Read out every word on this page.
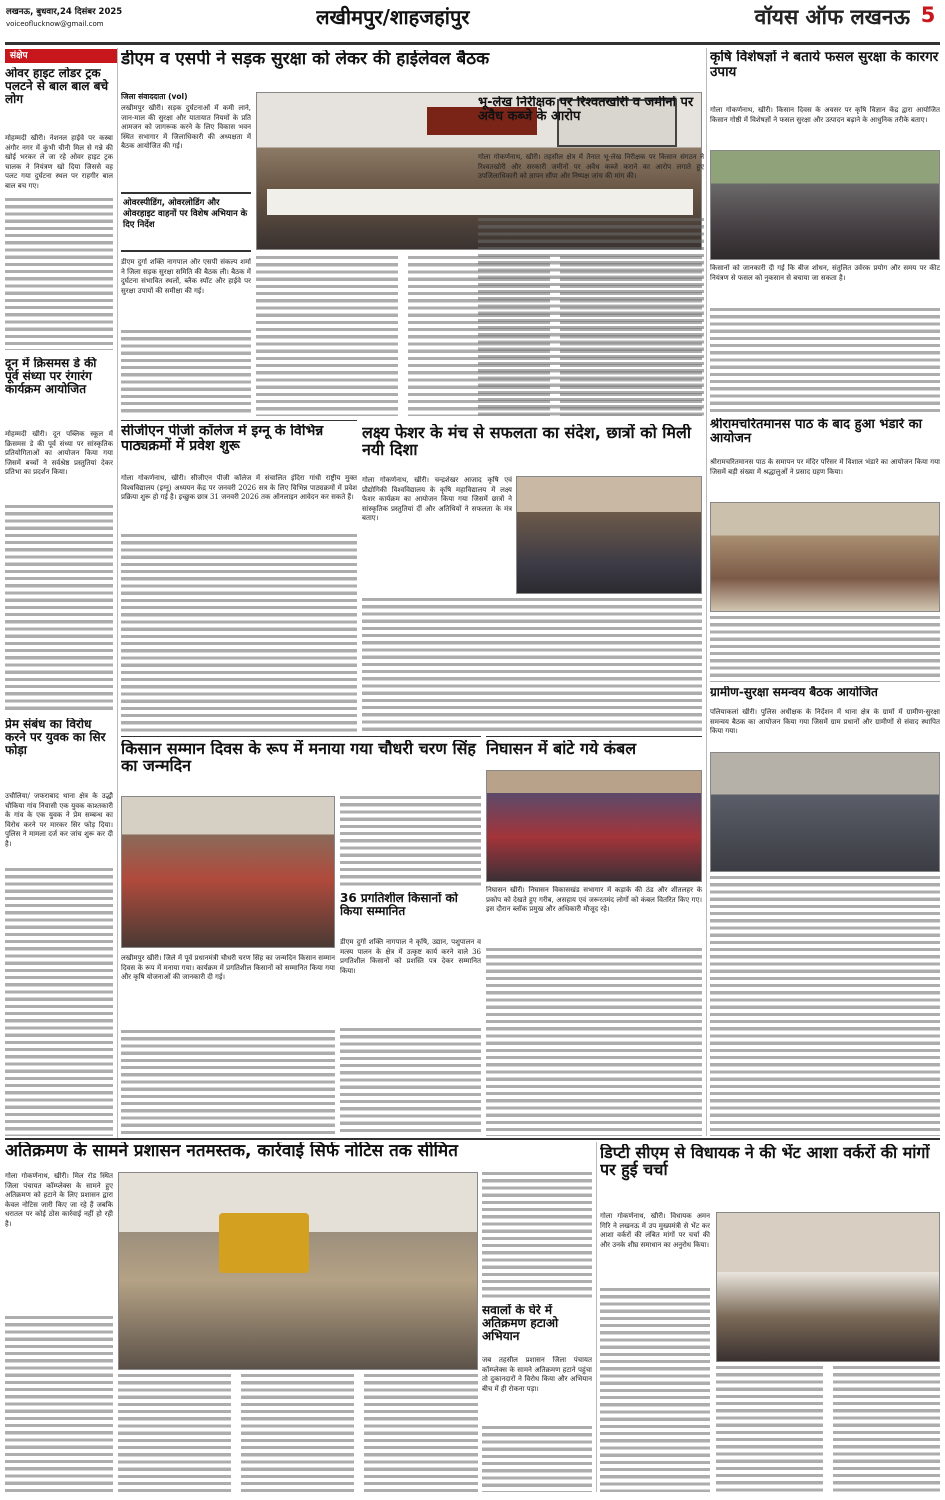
लखनऊ, बुधवार,24 दिसंबर 2025
voiceoflucknow@gmail.com	लखीमपुर/शाहजहांपुर	वॉयस ऑफ लखनऊ 5
संक्षेप
ओवर हाइट लोडर ट्रक पलटने से बाल बाल बचे लोग
मोहम्मदी खीरी। नेशनल हाईवे पर कस्बा अंगौर नगर में कुंभी चीनी मिल से गन्ने की खोई भरकर ले जा रहे ओवर हाइट ट्रक चालक ने नियंत्रण खो दिया जिससे वह पलट गया दुर्घटना स्थल पर राहगीर बाल बाल बच गए।
दून में क्रिसमस डे की पूर्व संध्या पर रंगारंग कार्यक्रम आयोजित
मोहम्मदी खीरी। दून पब्लिक स्कूल में क्रिसमस डे की पूर्व संध्या पर सांस्कृतिक प्रतियोगिताओं का आयोजन किया गया जिसमें बच्चों ने सर्वश्रेष्ठ प्रस्तुतियां देकर प्रतिभा का प्रदर्शन किया।
प्रेम संबंध का विरोध करने पर युवक का सिर फोड़ा
उचौलिया/ जफराबाद थाना क्षेत्र के उद्धौ चौकिया गांव निवासी एक युवक काश्तकारी के गांव के एक युवक ने प्रेम सम्बन्ध का विरोध करने पर मारकर सिर फोड़ दिया। पुलिस ने मामला दर्ज कर जांच शुरू कर दी है।
डीएम व एसपी ने सड़क सुरक्षा को लेकर की हाईलेवल बैठक
जिला संवाददाता (vol)
लखीमपुर खीरी। सड़क दुर्घटनाओं में कमी लाने, जान-माल की सुरक्षा और यातायात नियमों के प्रति आमजन को जागरूक करने के लिए विकास भवन स्थित सभागार में जिलाधिकारी की अध्यक्षता में बैठक आयोजित की गई।
ओवरस्पीडिंग, ओवरलोडिंग और ओवरहाइट वाहनों पर विशेष अभियान के दिए निर्देश
डीएम दुर्गा शक्ति नागपाल और एसपी संकल्प शर्मा ने जिला सड़क सुरक्षा समिति की बैठक ली। बैठक में दुर्घटना संभावित स्थलों, ब्लैक स्पॉट और हाईवे पर सुरक्षा उपायों की समीक्षा की गई।
भू-लेख निरीक्षक पर रिश्वतखोरी व जमीनों पर अवैध कब्जे के आरोप
गोला गोकर्णनाथ, खीरी। तहसील क्षेत्र में तैनात भू-लेख निरीक्षक पर किसान संगठन ने रिश्वतखोरी और सरकारी जमीनों पर अवैध कब्जे कराने का आरोप लगाते हुए उपजिलाधिकारी को ज्ञापन सौंपा और निष्पक्ष जांच की मांग की।
सीजीएन पीजी कॉलेज में इग्नू के विभिन्न पाठ्यक्रमों में प्रवेश शुरू
गोला गोकर्णनाथ, खीरी। सीजीएन पीजी कॉलेज में संचालित इंदिरा गांधी राष्ट्रीय मुक्त विश्वविद्यालय (इग्नू) अध्ययन केंद्र पर जनवरी 2026 सत्र के लिए विभिन्न पाठ्यक्रमों में प्रवेश प्रक्रिया शुरू हो गई है। इच्छुक छात्र 31 जनवरी 2026 तक ऑनलाइन आवेदन कर सकते हैं।
लक्ष्य फेशर के मंच से सफलता का संदेश, छात्रों को मिली नयी दिशा
गोला गोकर्णनाथ, खीरी। चन्द्रशेखर आजाद कृषि एवं प्रौद्योगिकी विश्वविद्यालय के कृषि महाविद्यालय में लक्ष्य फेशर कार्यक्रम का आयोजन किया गया जिसमें छात्रों ने सांस्कृतिक प्रस्तुतियां दीं और अतिथियों ने सफलता के मंत्र बताए।
किसान सम्मान दिवस के रूप में मनाया गया चौधरी चरण सिंह का जन्मदिन
लखीमपुर खीरी। जिले में पूर्व प्रधानमंत्री चौधरी चरण सिंह का जन्मदिन किसान सम्मान दिवस के रूप में मनाया गया। कार्यक्रम में प्रगतिशील किसानों को सम्मानित किया गया और कृषि योजनाओं की जानकारी दी गई।
36 प्रगतिशील किसानों को किया सम्मानित
डीएम दुर्गा शक्ति नागपाल ने कृषि, उद्यान, पशुपालन व मत्स्य पालन के क्षेत्र में उत्कृष्ट कार्य करने वाले 36 प्रगतिशील किसानों को प्रशस्ति पत्र देकर सम्मानित किया।
निघासन में बांटे गये कंबल
निघासन खीरी। निघासन विकासखंड सभागार में कड़ाके की ठंड और शीतलहर के प्रकोप को देखते हुए गरीब, असहाय एवं जरूरतमंद लोगों को कंबल वितरित किए गए। इस दौरान ब्लॉक प्रमुख और अधिकारी मौजूद रहे।
कृषि विशेषज्ञों ने बताये फसल सुरक्षा के कारगर उपाय
गोला गोकर्णनाथ, खीरी। किसान दिवस के अवसर पर कृषि विज्ञान केंद्र द्वारा आयोजित किसान गोष्ठी में विशेषज्ञों ने फसल सुरक्षा और उत्पादन बढ़ाने के आधुनिक तरीके बताए।
किसानों को जानकारी दी गई कि बीज शोधन, संतुलित उर्वरक प्रयोग और समय पर कीट नियंत्रण से फसल को नुकसान से बचाया जा सकता है।
श्रीरामचरितमानस पाठ के बाद हुआ भंडारे का आयोजन
श्रीरामचरितमानस पाठ के समापन पर मंदिर परिसर में विशाल भंडारे का आयोजन किया गया जिसमें बड़ी संख्या में श्रद्धालुओं ने प्रसाद ग्रहण किया।
ग्रामीण-सुरक्षा समन्वय बैठक आयोजित
पलियाकलां खीरी। पुलिस अधीक्षक के निर्देशन में थाना क्षेत्र के ग्रामों में ग्रामीण-सुरक्षा समन्वय बैठक का आयोजन किया गया जिसमें ग्राम प्रधानों और ग्रामीणों से संवाद स्थापित किया गया।
अतिक्रमण के सामने प्रशासन नतमस्तक, कार्रवाई सिर्फ नोटिस तक सीमित
गोला गोकर्णनाथ, खीरी। मिल रोड स्थित जिला पंचायत कॉम्प्लेक्स के सामने हुए अतिक्रमण को हटाने के लिए प्रशासन द्वारा केवल नोटिस जारी किए जा रहे हैं जबकि धरातल पर कोई ठोस कार्रवाई नहीं हो रही है।
सवालों के घेरे में अतिक्रमण हटाओ अभियान
जब तहसील प्रशासन जिला पंचायत कॉम्प्लेक्स के सामने अतिक्रमण हटाने पहुंचा तो दुकानदारों ने विरोध किया और अभियान बीच में ही रोकना पड़ा।
डिप्टी सीएम से विधायक ने की भेंट आशा वर्करों की मांगों पर हुई चर्चा
गोला गोकर्णनाथ, खीरी। विधायक अमन गिरि ने लखनऊ में उप मुख्यमंत्री से भेंट कर आशा वर्करों की लंबित मांगों पर चर्चा की और उनके शीघ्र समाधान का अनुरोध किया।
